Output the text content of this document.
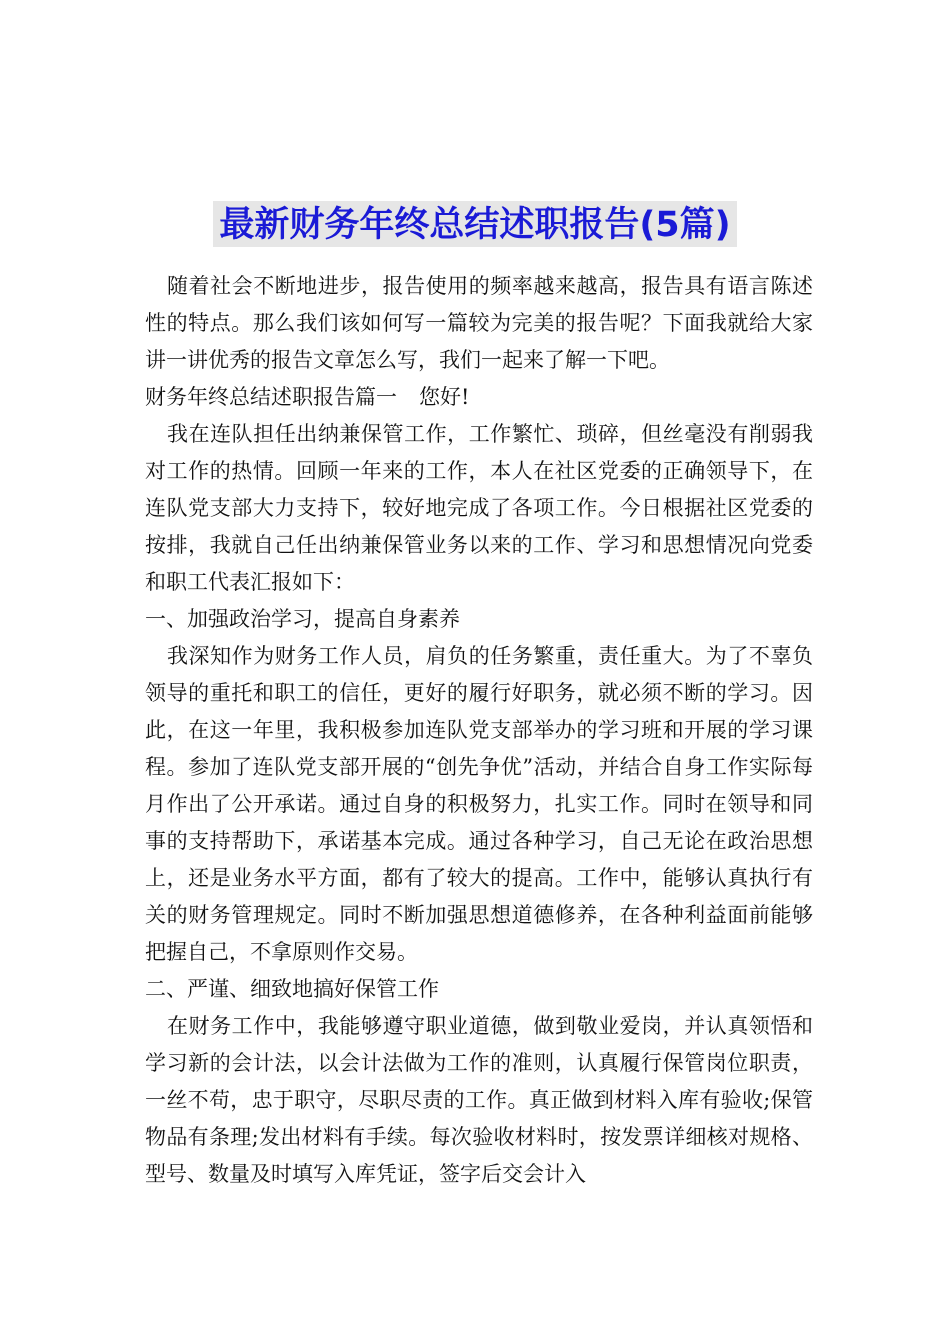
最新财务年终总结述职报告(5篇)

随着社会不断地进步，报告使用的频率越来越高，报告具有语言陈述性的特点。那么我们该如何写一篇较为完美的报告呢？下面我就给大家讲一讲优秀的报告文章怎么写，我们一起来了解一下吧。

财务年终总结述职报告篇一 您好!

我在连队担任出纳兼保管工作，工作繁忙、琐碎，但丝毫没有削弱我对工作的热情。回顾一年来的工作，本人在社区党委的正确领导下，在连队党支部大力支持下，较好地完成了各项工作。今日根据社区党委的按排，我就自己任出纳兼保管业务以来的工作、学习和思想情况向党委和职工代表汇报如下：

一、加强政治学习，提高自身素养

我深知作为财务工作人员，肩负的任务繁重，责任重大。为了不辜负领导的重托和职工的信任，更好的履行好职务，就必须不断的学习。因此，在这一年里，我积极参加连队党支部举办的学习班和开展的学习课程。参加了连队党支部开展的“创先争优”活动，并结合自身工作实际每月作出了公开承诺。通过自身的积极努力，扎实工作。同时在领导和同事的支持帮助下，承诺基本完成。通过各种学习，自己无论在政治思想上，还是业务水平方面，都有了较大的提高。工作中，能够认真执行有关的财务管理规定。同时不断加强思想道德修养，在各种利益面前能够把握自己，不拿原则作交易。

二、严谨、细致地搞好保管工作

在财务工作中，我能够遵守职业道德，做到敬业爱岗，并认真领悟和学习新的会计法，以会计法做为工作的准则，认真履行保管岗位职责，一丝不苟，忠于职守，尽职尽责的工作。真正做到材料入库有验收;保管物品有条理;发出材料有手续。每次验收材料时，按发票详细核对规格、型号、数量及时填写入库凭证，签字后交会计入
